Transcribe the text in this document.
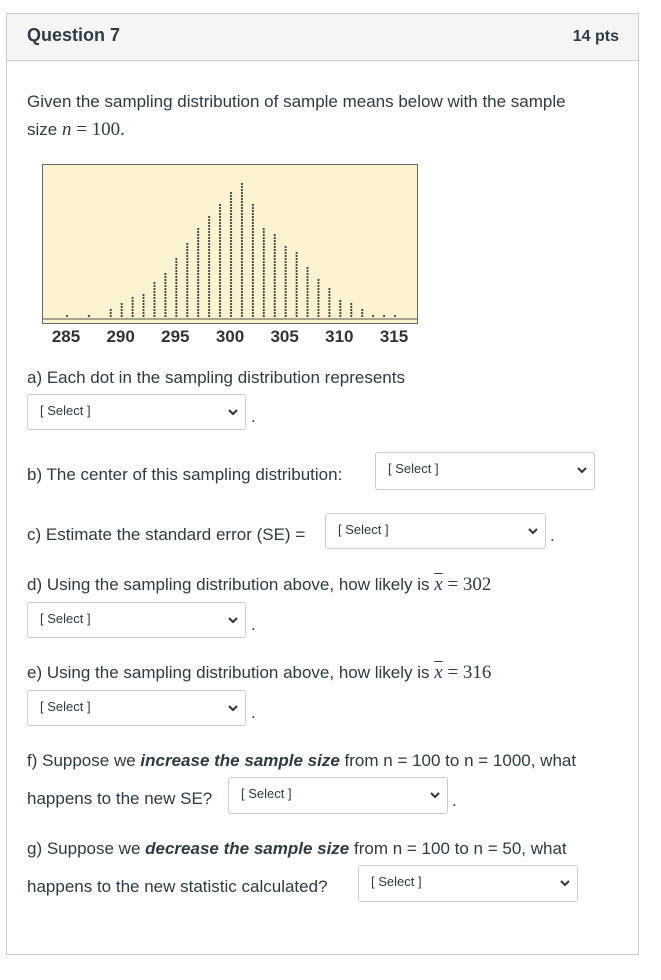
Question 7	14 pts
Given the sampling distribution of sample means below with the sample
size n = 100.
285 290 295 300 305 310 315
a) Each dot in the sampling distribution represents
[ Select ]	.
b) The center of this sampling distribution:	[ Select ]
c) Estimate the standard error (SE) =	[ Select ]	.
d) Using the sampling distribution above, how likely is $\overline{x} = 302$
[ Select ]	.
e) Using the sampling distribution above, how likely is $\overline{x} = 316$
[ Select ]	.
f) Suppose we increase the sample size from n = 100 to n = 1000, what
happens to the new SE? [ Select ]	.
g) Suppose we decrease the sample size from n = 100 to n = 50, what
happens to the new statistic calculated?	[ Select ]
